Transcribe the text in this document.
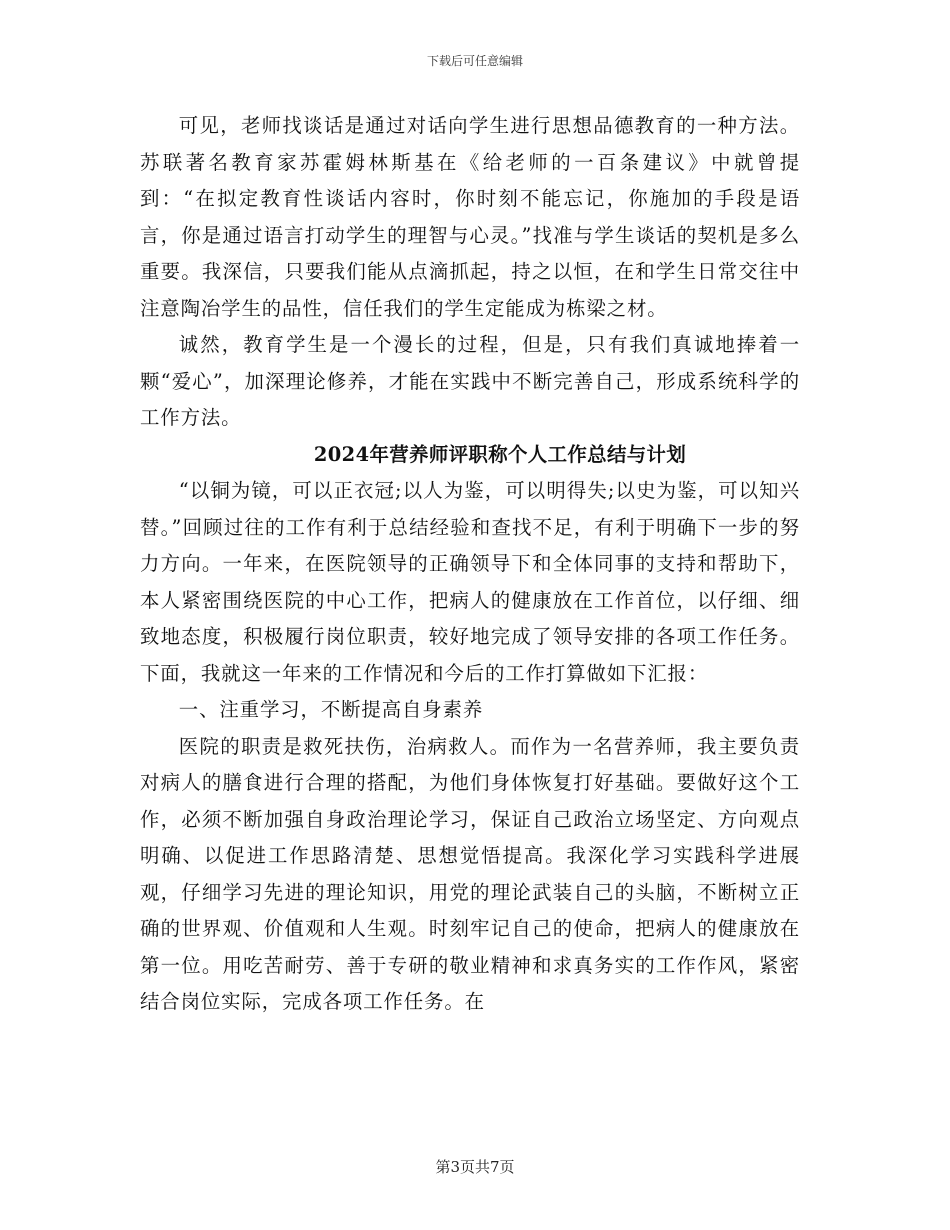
下载后可任意编辑

可见，老师找谈话是通过对话向学生进行思想品德教育的一种方法。苏联著名教育家苏霍姆林斯基在《给老师的一百条建议》中就曾提到：“在拟定教育性谈话内容时，你时刻不能忘记，你施加的手段是语言，你是通过语言打动学生的理智与心灵。”找准与学生谈话的契机是多么重要。我深信，只要我们能从点滴抓起，持之以恒，在和学生日常交往中注意陶冶学生的品性，信任我们的学生定能成为栋梁之材。

诚然，教育学生是一个漫长的过程，但是，只有我们真诚地捧着一颗“爱心”，加深理论修养，才能在实践中不断完善自己，形成系统科学的工作方法。

2024年营养师评职称个人工作总结与计划

“以铜为镜，可以正衣冠;以人为鉴，可以明得失;以史为鉴，可以知兴替。”回顾过往的工作有利于总结经验和查找不足，有利于明确下一步的努力方向。一年来，在医院领导的正确领导下和全体同事的支持和帮助下，本人紧密围绕医院的中心工作，把病人的健康放在工作首位，以仔细、细致地态度，积极履行岗位职责，较好地完成了领导安排的各项工作任务。下面，我就这一年来的工作情况和今后的工作打算做如下汇报：

一、注重学习，不断提高自身素养

医院的职责是救死扶伤，治病救人。而作为一名营养师，我主要负责对病人的膳食进行合理的搭配，为他们身体恢复打好基础。要做好这个工作，必须不断加强自身政治理论学习，保证自己政治立场坚定、方向观点明确、以促进工作思路清楚、思想觉悟提高。我深化学习实践科学进展观，仔细学习先进的理论知识，用党的理论武装自己的头脑，不断树立正确的世界观、价值观和人生观。时刻牢记自己的使命，把病人的健康放在第一位。用吃苦耐劳、善于专研的敬业精神和求真务实的工作作风，紧密结合岗位实际，完成各项工作任务。在

第3页共7页
